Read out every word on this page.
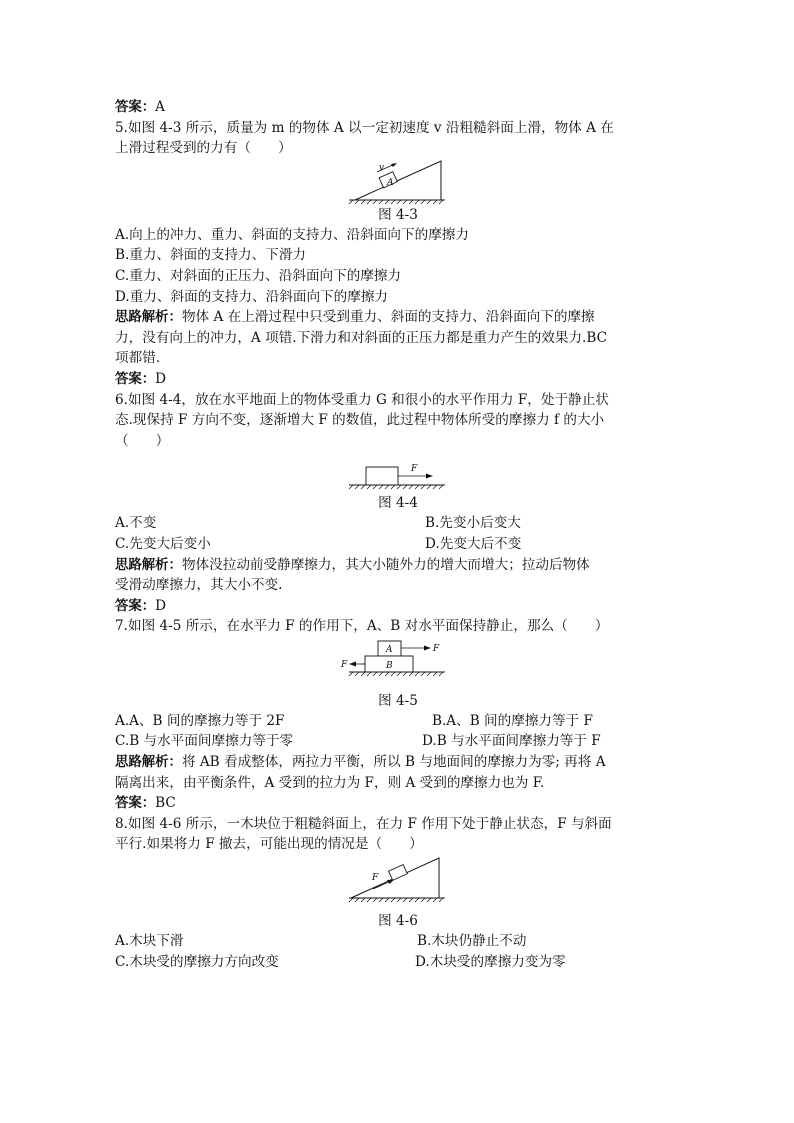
答案：A
5.如图 4-3 所示，质量为 m 的物体 A 以一定初速度 v 沿粗糙斜面上滑，物体 A 在
上滑过程受到的力有（　　）
v
A
图 4-3
A.向上的冲力、重力、斜面的支持力、沿斜面向下的摩擦力
B.重力、斜面的支持力、下滑力
C.重力、对斜面的正压力、沿斜面向下的摩擦力
D.重力、斜面的支持力、沿斜面向下的摩擦力
思路解析：物体 A 在上滑过程中只受到重力、斜面的支持力、沿斜面向下的摩擦
力，没有向上的冲力，A 项错.下滑力和对斜面的正压力都是重力产生的效果力.BC
项都错.
答案：D
6.如图 4-4，放在水平地面上的物体受重力 G 和很小的水平作用力 F，处于静止状
态.现保持 F 方向不变，逐渐增大 F 的数值，此过程中物体所受的摩擦力 f 的大小
（　　）
F
图 4-4
A.不变	B.先变小后变大
C.先变大后变小	D.先变大后不变
思路解析：物体没拉动前受静摩擦力，其大小随外力的增大而增大；拉动后物体
受滑动摩擦力，其大小不变.
答案：D
7.如图 4-5 所示，在水平力 F 的作用下，A、B 对水平面保持静止，那么（　　）
A
B
F
F
图 4-5
A.A、B 间的摩擦力等于 2F	B.A、B 间的摩擦力等于 F
C.B 与水平面间摩擦力等于零	D.B 与水平面间摩擦力等于 F
思路解析：将 AB 看成整体，两拉力平衡，所以 B 与地面间的摩擦力为零; 再将 A
隔离出来，由平衡条件，A 受到的拉力为 F，则 A 受到的摩擦力也为 F.
答案：BC
8.如图 4-6 所示，一木块位于粗糙斜面上，在力 F 作用下处于静止状态，F 与斜面
平行.如果将力 F 撤去，可能出现的情况是（　　）
F
图 4-6
A.木块下滑	B.木块仍静止不动
C.木块受的摩擦力方向改变	D.木块受的摩擦力变为零
